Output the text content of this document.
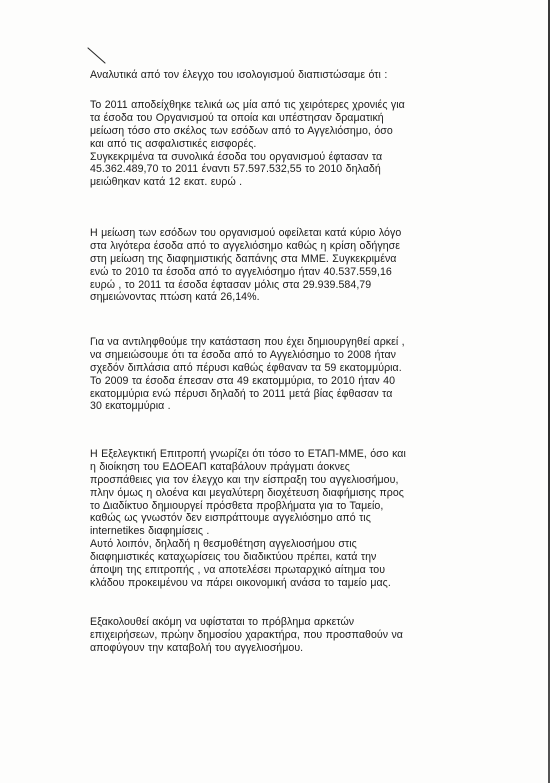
Αναλυτικά από τον έλεγχο του ισολογισμού διαπιστώσαμε ότι :
Το 2011 αποδείχθηκε τελικά ως μία από τις χειρότερες χρονιές για
τα έσοδα του Οργανισμού τα οποία και υπέστησαν δραματική
μείωση τόσο στο σκέλος των εσόδων από το Αγγελιόσημο, όσο
και από τις ασφαλιστικές εισφορές.
Συγκεκριμένα τα συνολικά έσοδα του οργανισμού έφτασαν τα
45.362.489,70 το 2011 έναντι 57.597.532,55 το 2010 δηλαδή
μειώθηκαν κατά 12 εκατ. ευρώ .
Η μείωση των εσόδων του οργανισμού οφείλεται κατά κύριο λόγο
στα λιγότερα έσοδα από το αγγελιόσημο καθώς η κρίση οδήγησε
στη μείωση της διαφημιστικής δαπάνης στα ΜΜΕ. Συγκεκριμένα
ενώ το 2010 τα έσοδα από το αγγελιόσημο ήταν 40.537.559,16
ευρώ , το 2011 τα έσοδα έφτασαν μόλις στα 29.939.584,79
σημειώνοντας πτώση κατά 26,14%.
Για να αντιληφθούμε την κατάσταση που έχει δημιουργηθεί αρκεί ,
να σημειώσουμε ότι τα έσοδα από το Αγγελιόσημο το 2008 ήταν
σχεδόν διπλάσια από πέρυσι καθώς έφθαναν τα 59 εκατομμύρια.
Το 2009 τα έσοδα έπεσαν στα 49 εκατομμύρια, το 2010 ήταν 40
εκατομμύρια ενώ πέρυσι δηλαδή το 2011 μετά βίας έφθασαν τα
30 εκατομμύρια .
Η Εξελεγκτική Επιτροπή γνωρίζει ότι τόσο το ΕΤΑΠ-ΜΜΕ, όσο και
η διοίκηση του ΕΔΟΕΑΠ καταβάλουν πράγματι άοκνες
προσπάθειες για τον έλεγχο και την είσπραξη του αγγελιοσήμου,
πλην όμως η ολοένα και μεγαλύτερη διοχέτευση διαφήμισης προς
το Διαδίκτυο δημιουργεί πρόσθετα προβλήματα για το Ταμείο,
καθώς ως γνωστόν δεν εισπράττουμε αγγελιόσημο από τις
internetikes διαφημίσεις .
Αυτό λοιπόν, δηλαδή η θεσμοθέτηση αγγελιοσήμου στις
διαφημιστικές καταχωρίσεις του διαδικτύου πρέπει, κατά την
άποψη της επιτροπής , να αποτελέσει πρωταρχικό αίτημα του
κλάδου προκειμένου να πάρει οικονομική ανάσα το ταμείο μας.
Εξακολουθεί ακόμη να υφίσταται το πρόβλημα αρκετών
επιχειρήσεων, πρώην δημοσίου χαρακτήρα, που προσπαθούν να
αποφύγουν την καταβολή του αγγελιοσήμου.
